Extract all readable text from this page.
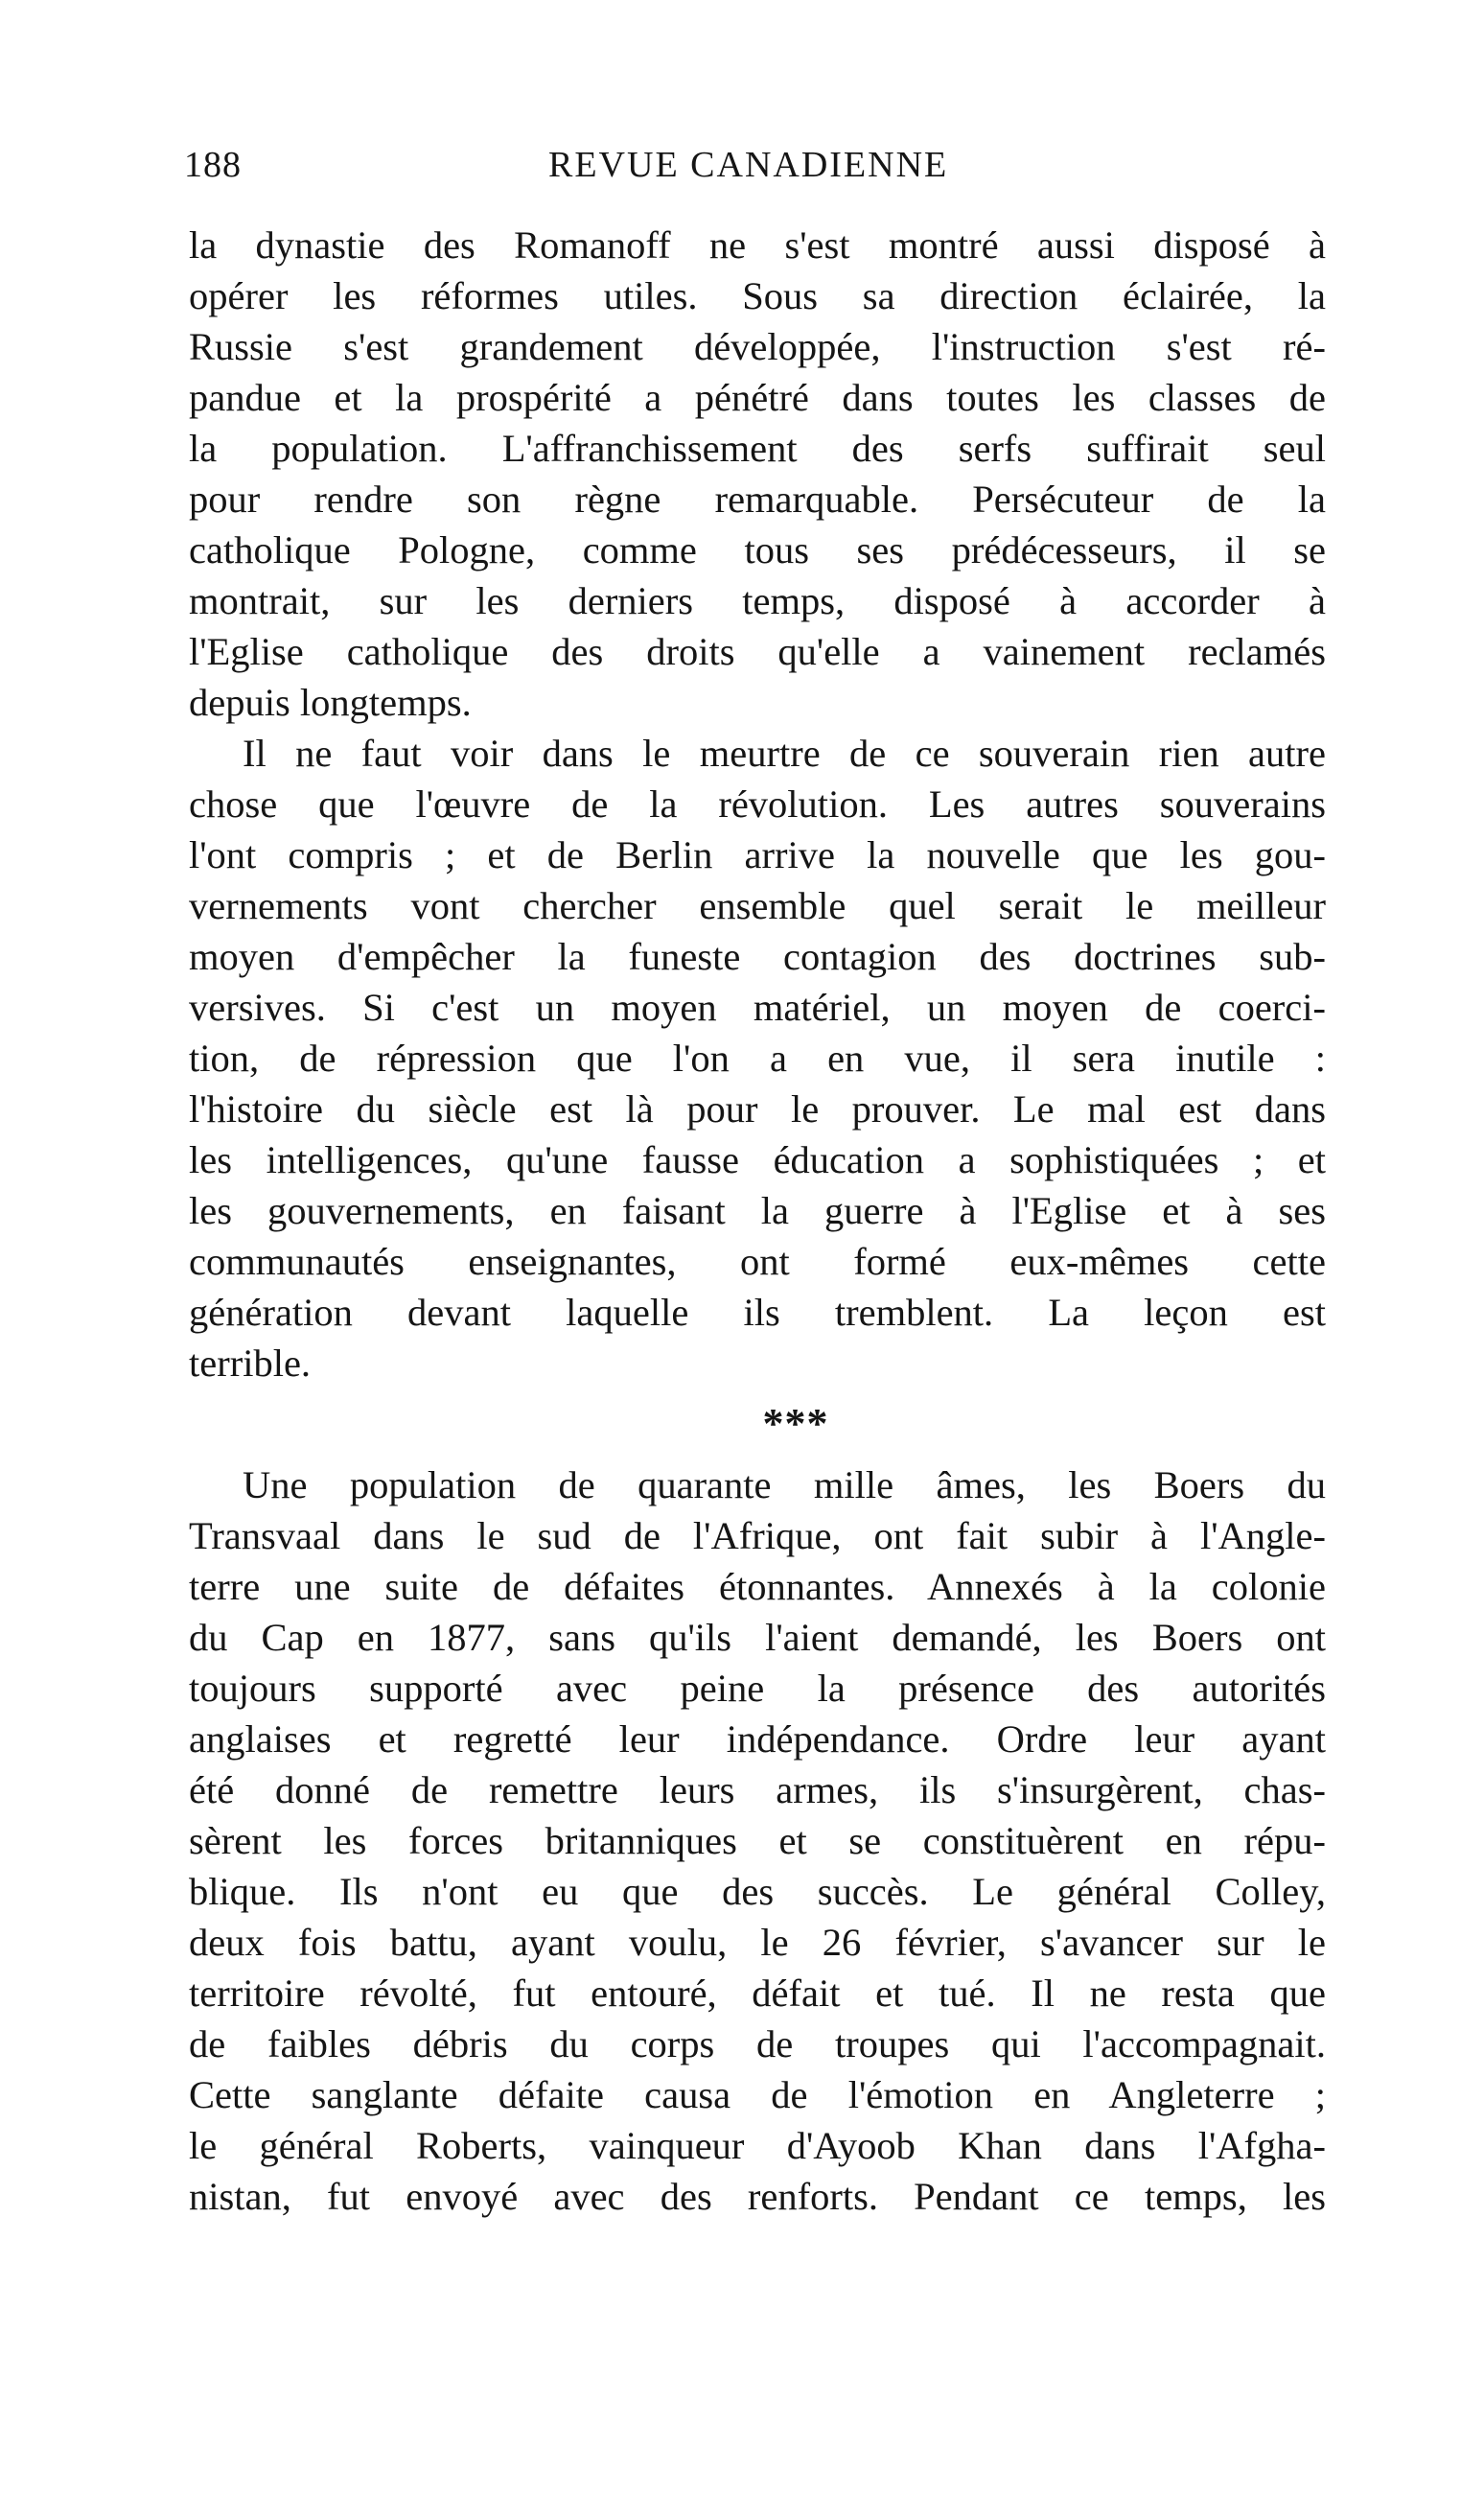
188	REVUE CANADIENNE
la dynastie des Romanoff ne s'est montré aussi disposé à
opérer les réformes utiles. Sous sa direction éclairée, la
Russie s'est grandement développée, l'instruction s'est ré-
pandue et la prospérité a pénétré dans toutes les classes de
la population. L'affranchissement des serfs suffirait seul
pour rendre son règne remarquable. Persécuteur de la
catholique Pologne, comme tous ses prédécesseurs, il se
montrait, sur les derniers temps, disposé à accorder à
l'Eglise catholique des droits qu'elle a vainement reclamés
depuis longtemps.
Il ne faut voir dans le meurtre de ce souverain rien autre
chose que l'œuvre de la révolution. Les autres souverains
l'ont compris ; et de Berlin arrive la nouvelle que les gou-
vernements vont chercher ensemble quel serait le meilleur
moyen d'empêcher la funeste contagion des doctrines sub-
versives. Si c'est un moyen matériel, un moyen de coerci-
tion, de répression que l'on a en vue, il sera inutile :
l'histoire du siècle est là pour le prouver. Le mal est dans
les intelligences, qu'une fausse éducation a sophistiquées ; et
les gouvernements, en faisant la guerre à l'Eglise et à ses
communautés enseignantes, ont formé eux-mêmes cette
génération devant laquelle ils tremblent. La leçon est
terrible.
***
Une population de quarante mille âmes, les Boers du
Transvaal dans le sud de l'Afrique, ont fait subir à l'Angle-
terre une suite de défaites étonnantes. Annexés à la colonie
du Cap en 1877, sans qu'ils l'aient demandé, les Boers ont
toujours supporté avec peine la présence des autorités
anglaises et regretté leur indépendance. Ordre leur ayant
été donné de remettre leurs armes, ils s'insurgèrent, chas-
sèrent les forces britanniques et se constituèrent en répu-
blique. Ils n'ont eu que des succès. Le général Colley,
deux fois battu, ayant voulu, le 26 février, s'avancer sur le
territoire révolté, fut entouré, défait et tué. Il ne resta que
de faibles débris du corps de troupes qui l'accompagnait.
Cette sanglante défaite causa de l'émotion en Angleterre ;
le général Roberts, vainqueur d'Ayoob Khan dans l'Afgha-
nistan, fut envoyé avec des renforts. Pendant ce temps, les
